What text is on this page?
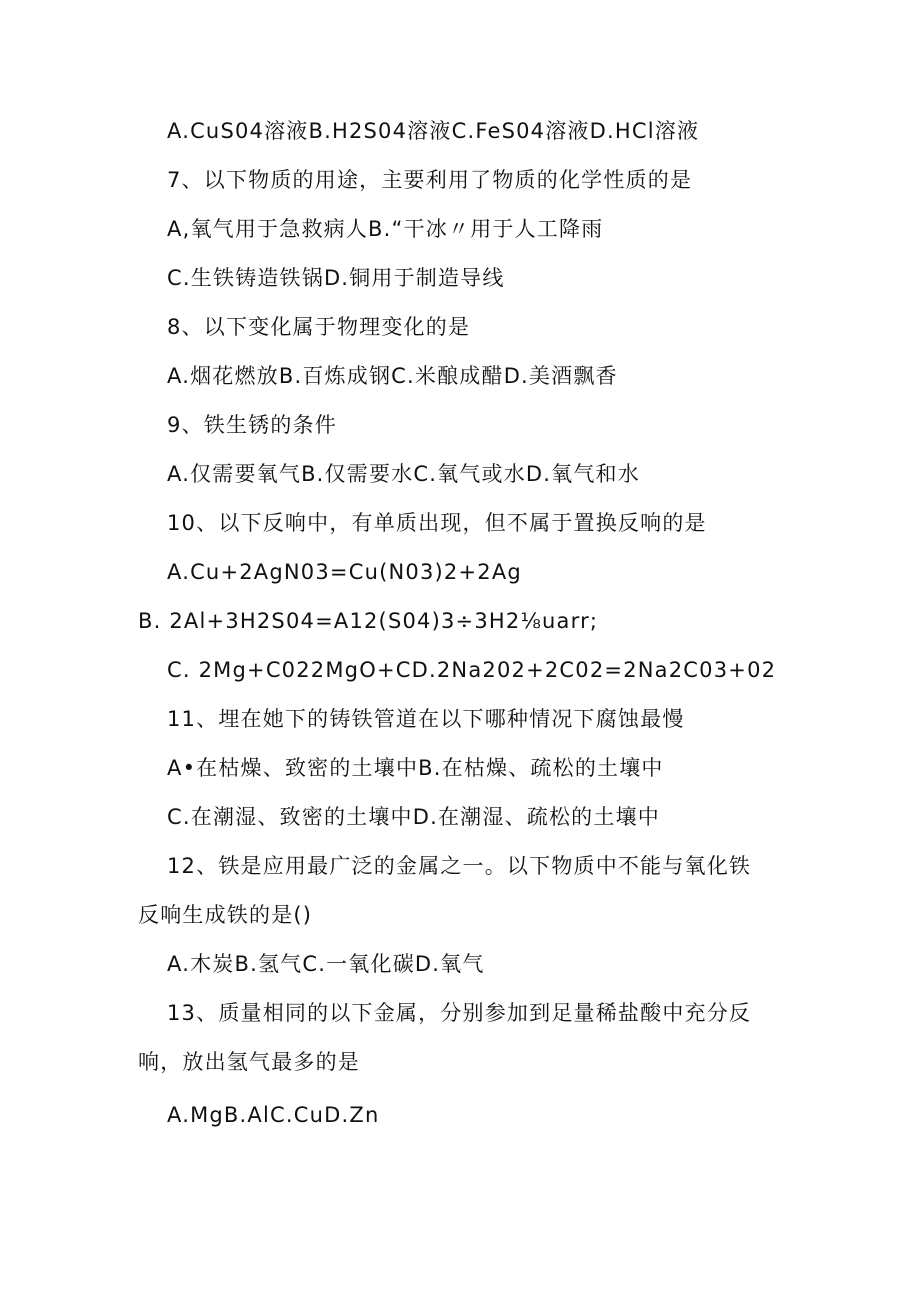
A.CuS04溶液B.H2S04溶液C.FeS04溶液D.HCl溶液
7、以下物质的用途，主要利用了物质的化学性质的是
A,氧气用于急救病人B.“干冰〃用于人工降雨
C.生铁铸造铁锅D.铜用于制造导线
8、以下变化属于物理变化的是
A.烟花燃放B.百炼成钢C.米酿成醋D.美酒飘香
9、铁生锈的条件
A.仅需要氧气B.仅需要水C.氧气或水D.氧气和水
10、以下反响中，有单质出现，但不属于置换反响的是
A.Cu+2AgN03=Cu(N03)2+2Ag
B. 2Al+3H2S04=A12(S04)3÷3H2⅛uarr;
C. 2Mg+C022MgO+CD.2Na202+2C02=2Na2C03+02
11、埋在她下的铸铁管道在以下哪种情况下腐蚀最慢
A•在枯燥、致密的土壤中B.在枯燥、疏松的土壤中
C.在潮湿、致密的土壤中D.在潮湿、疏松的土壤中
12、铁是应用最广泛的金属之一。以下物质中不能与氧化铁
反响生成铁的是()
A.木炭B.氢气C.一氧化碳D.氧气
13、质量相同的以下金属，分别参加到足量稀盐酸中充分反
响，放出氢气最多的是
A.MgB.AlC.CuD.Zn
